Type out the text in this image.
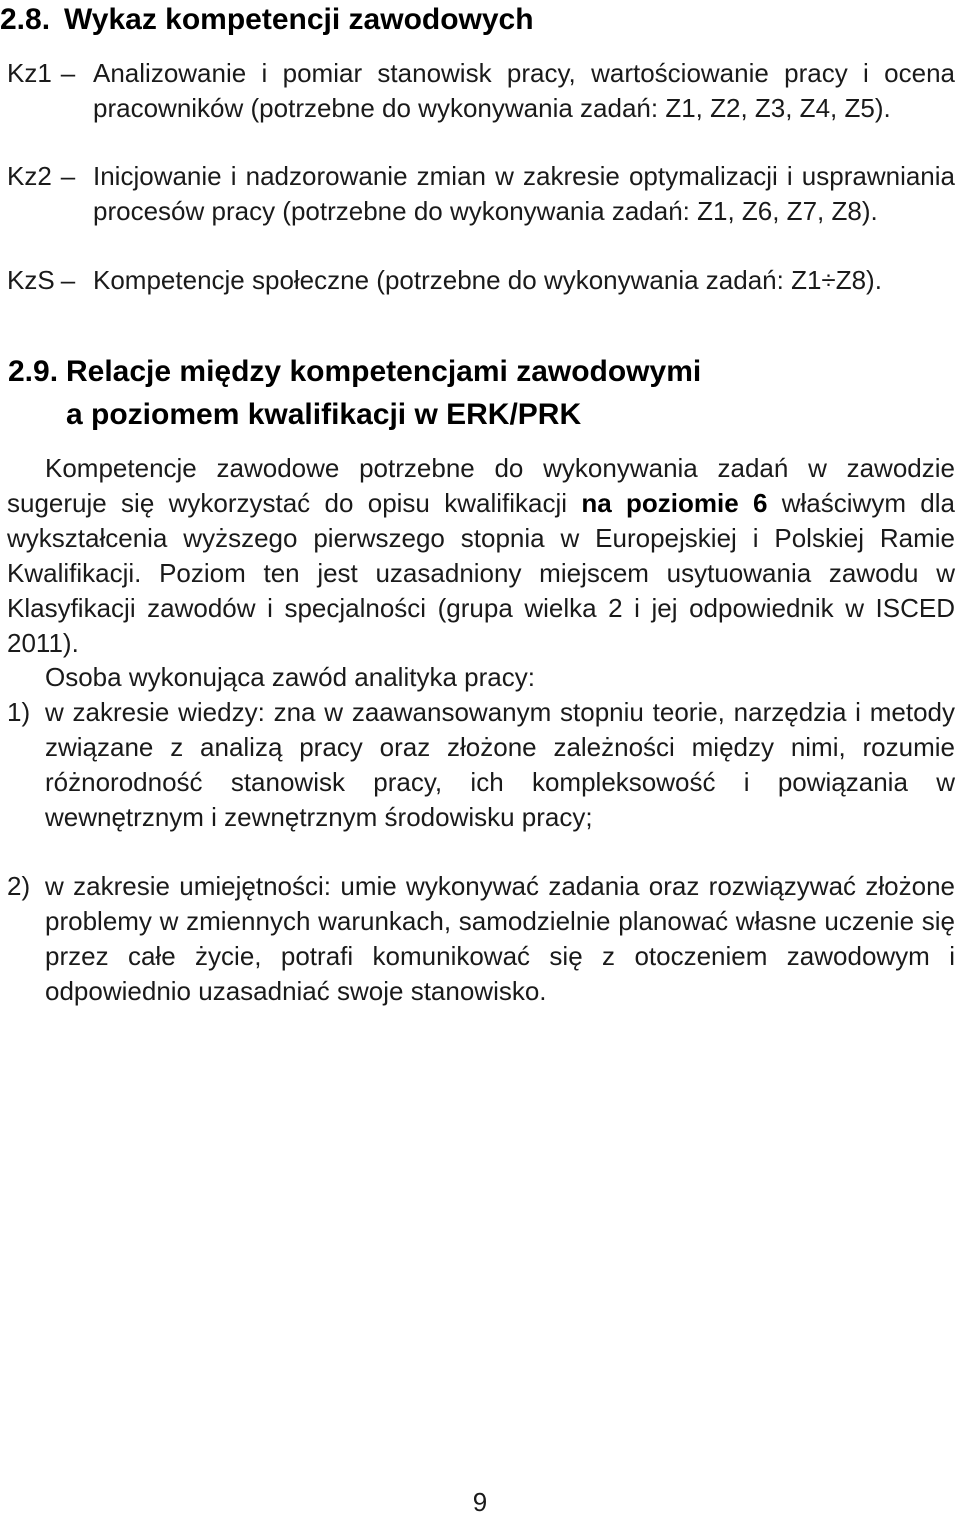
2.8. Wykaz kompetencji zawodowych
Kz1 – Analizowanie i pomiar stanowisk pracy, wartościowanie pracy i ocena pracowników (potrzebne do wykonywania zadań: Z1, Z2, Z3, Z4, Z5).
Kz2 – Inicjowanie i nadzorowanie zmian w zakresie optymalizacji i usprawniania procesów pracy (potrzebne do wykonywania zadań: Z1, Z6, Z7, Z8).
KzS – Kompetencje społeczne (potrzebne do wykonywania zadań: Z1÷Z8).
2.9. Relacje między kompetencjami zawodowymi
a poziomem kwalifikacji w ERK/PRK
Kompetencje zawodowe potrzebne do wykonywania zadań w zawodzie sugeruje się wykorzystać do opisu kwalifikacji na poziomie 6 właściwym dla wykształcenia wyższego pierwszego stopnia w Europejskiej i Polskiej Ramie Kwalifikacji. Poziom ten jest uzasadniony miejscem usytuowania zawodu w Klasyfikacji zawodów i specjalności (grupa wielka 2 i jej odpowiednik w ISCED 2011).
Osoba wykonująca zawód analityka pracy:
1) w zakresie wiedzy: zna w zaawansowanym stopniu teorie, narzędzia i metody związane z analizą pracy oraz złożone zależności między nimi, rozumie różnorodność stanowisk pracy, ich kompleksowość i powiązania w wewnętrznym i zewnętrznym środowisku pracy;
2) w zakresie umiejętności: umie wykonywać zadania oraz rozwiązywać złożone problemy w zmiennych warunkach, samodzielnie planować własne uczenie się przez całe życie, potrafi komunikować się z otoczeniem zawodowym i odpowiednio uzasadniać swoje stanowisko.
9
